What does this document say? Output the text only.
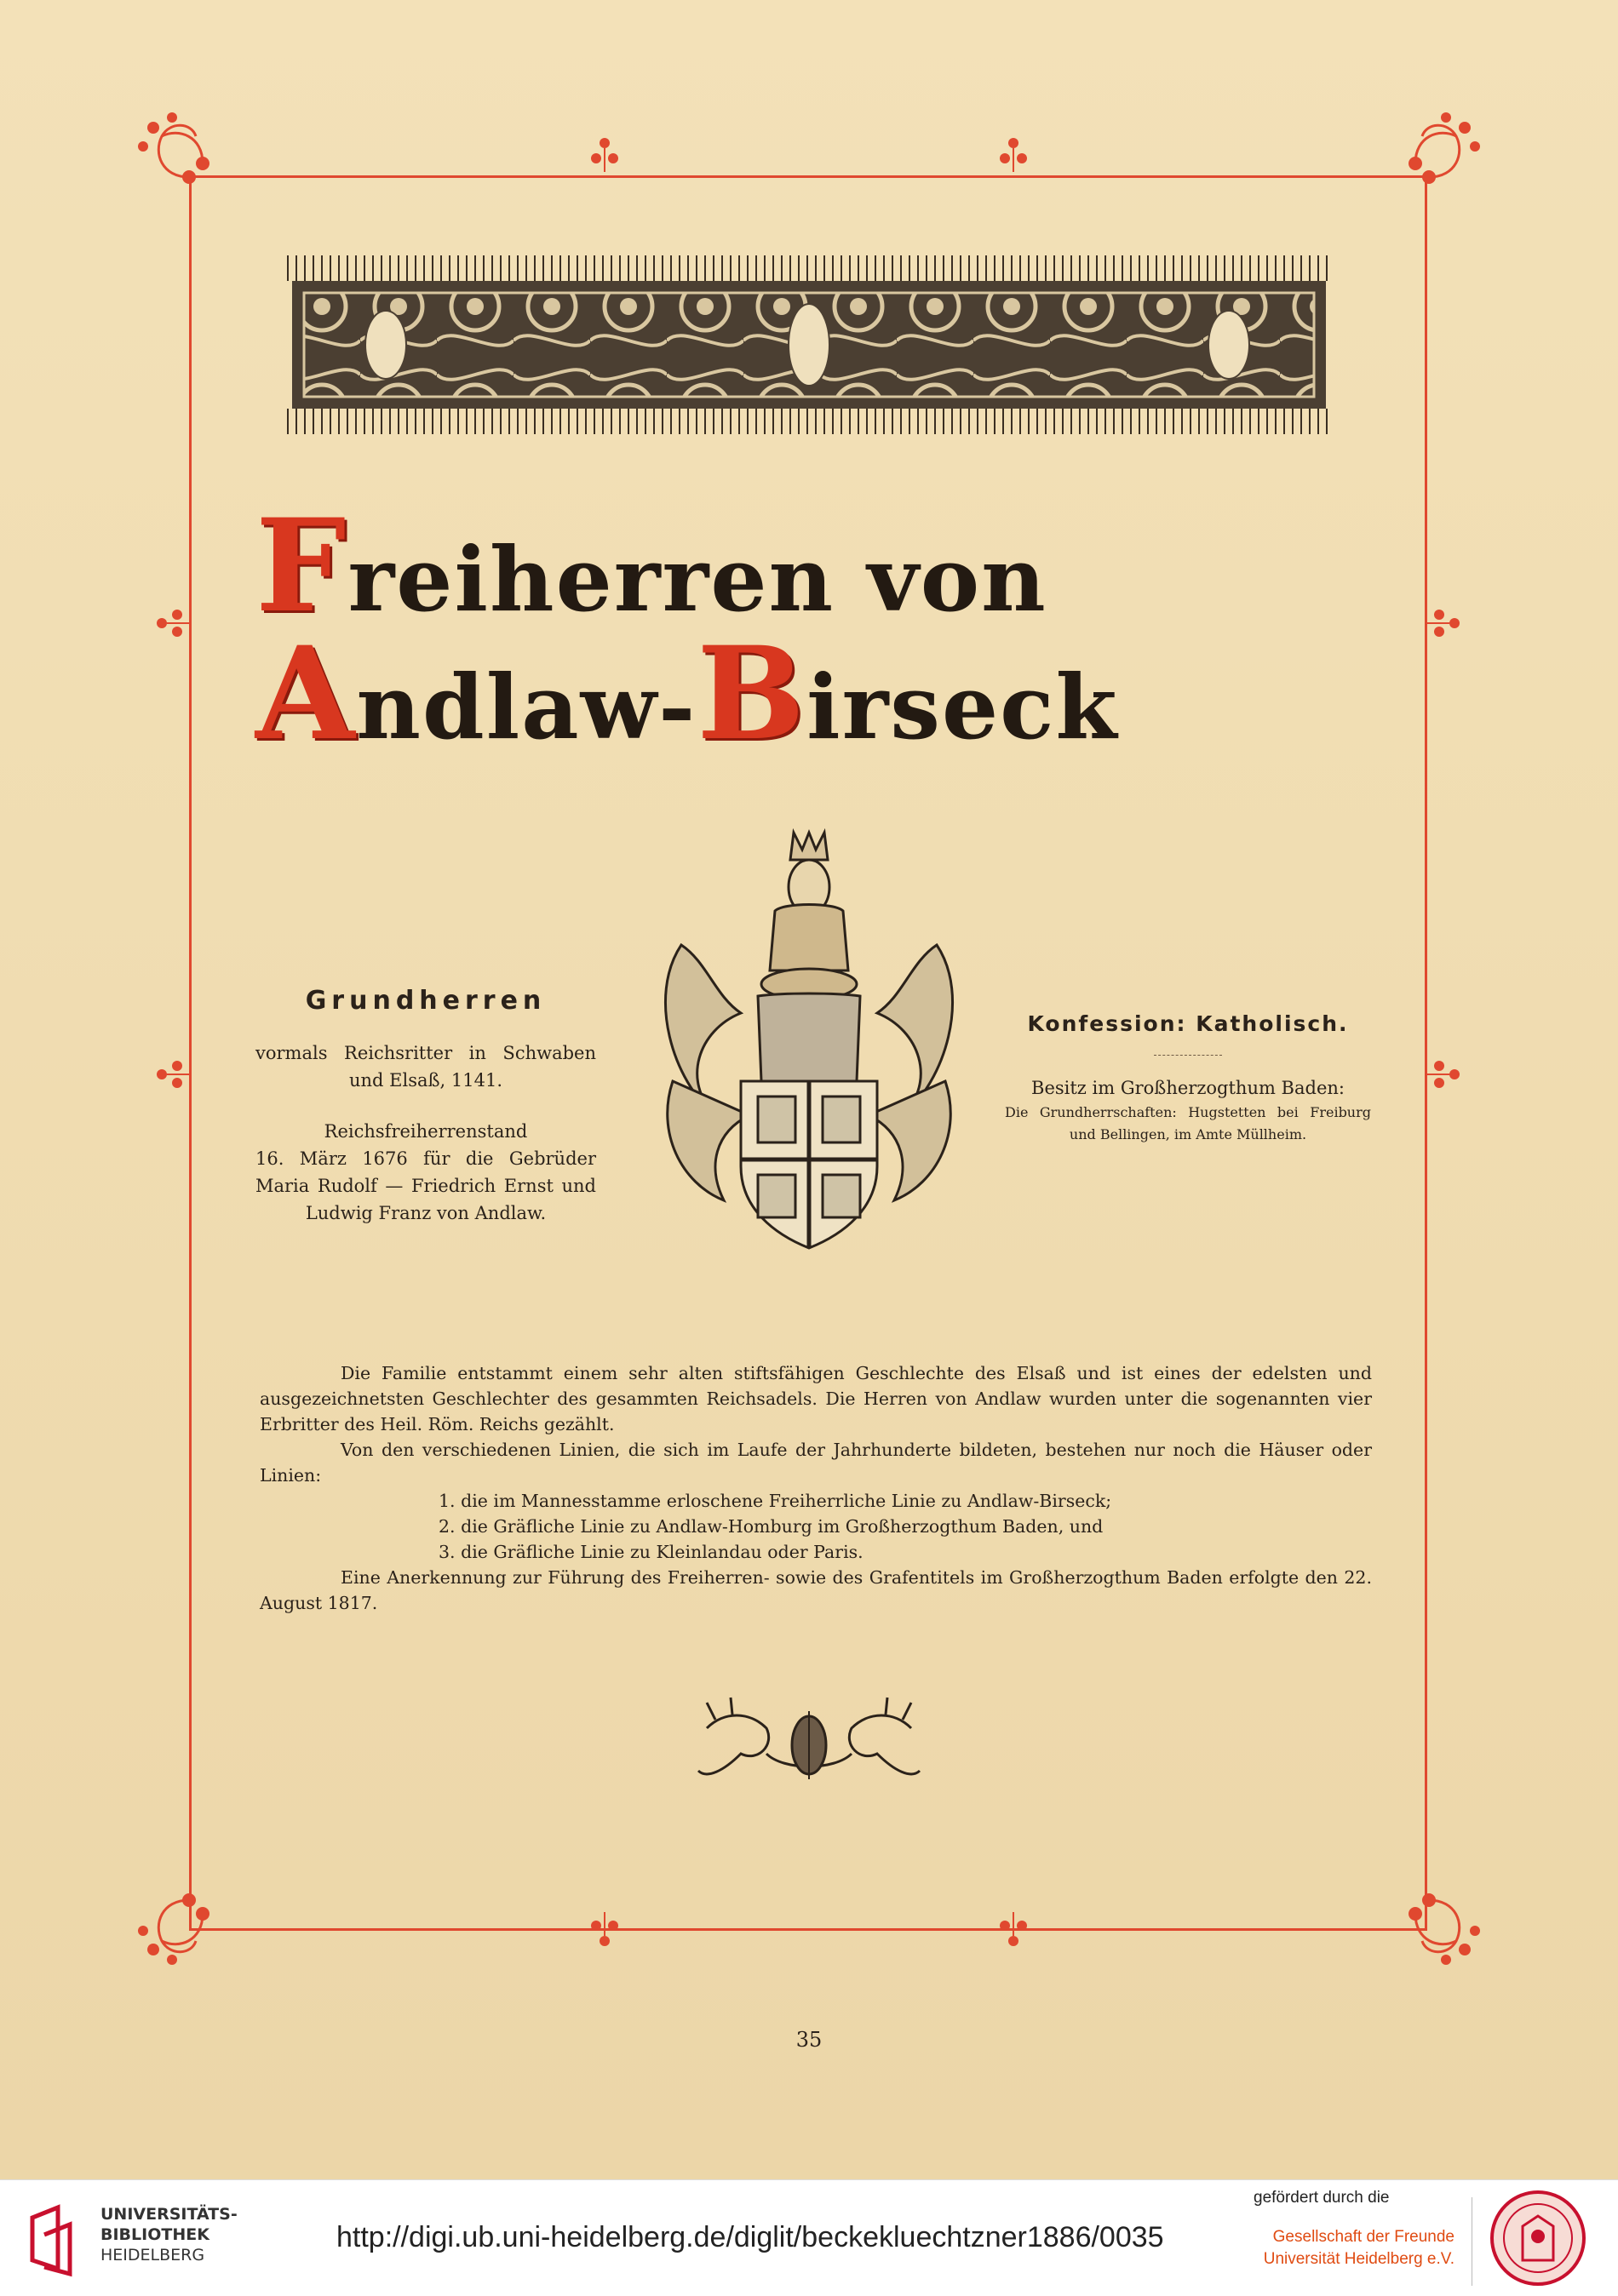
Freiherren von Andlaw-Birseck
Grundherren
vormals Reichsritter in Schwaben und Elsaß, 1141.
Reichsfreiherrenstand
16. März 1676 für die Gebrüder Maria Rudolf — Friedrich Ernst und Ludwig Franz von Andlaw.
Konfession: Katholisch.
Besitz im Großherzogthum Baden:
Die Grundherrschaften: Hugstetten bei Freiburg und Bellingen, im Amte Müllheim.

Die Familie entstammt einem sehr alten stiftsfähigen Geschlechte des Elsaß und ist eines der edelsten und ausgezeichnetsten Geschlechter des gesammten Reichsadels. Die Herren von Andlaw wurden unter die sogenannten vier Erbritter des Heil. Röm. Reichs gezählt.

Von den verschiedenen Linien, die sich im Laufe der Jahrhunderte bildeten, bestehen nur noch die Häuser oder Linien:

1. die im Mannesstamme erloschene Freiherrliche Linie zu Andlaw-Birseck;

2. die Gräfliche Linie zu Andlaw-Homburg im Großherzogthum Baden, und

3. die Gräfliche Linie zu Kleinlandau oder Paris.

Eine Anerkennung zur Führung des Freiherren- sowie des Grafentitels im Großherzogthum Baden erfolgte den 22. August 1817.

35
UNIVERSITÄTS-
BIBLIOTHEK
HEIDELBERG
http://digi.ub.uni-heidelberg.de/diglit/beckekluechtzner1886/0035
gefördert durch die
Gesellschaft der Freunde
Universität Heidelberg e.V.
